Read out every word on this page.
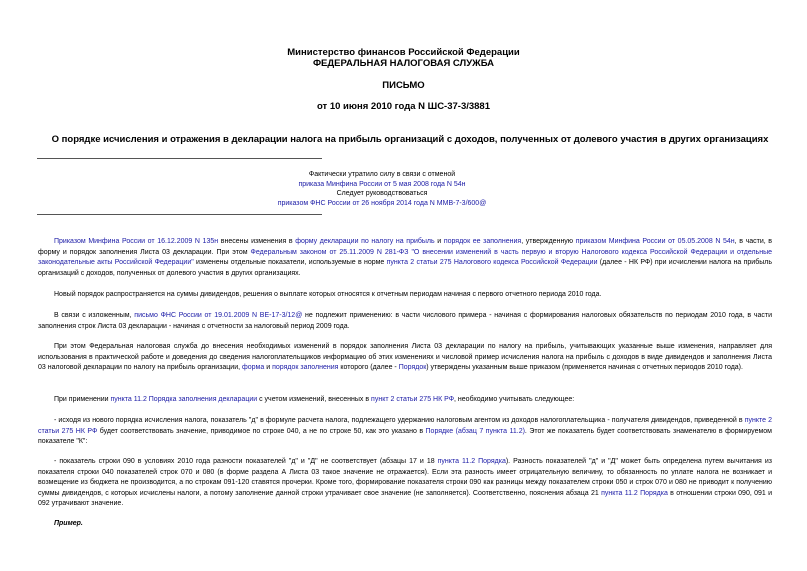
Министерство финансов Российской Федерации
ФЕДЕРАЛЬНАЯ НАЛОГОВАЯ СЛУЖБА
ПИСЬМО
от 10 июня 2010 года N ШС-37-3/3881
О порядке исчисления и отражения в декларации налога на прибыль организаций с доходов, полученных от долевого участия в других организациях
Фактически утратило силу в связи с отменой
приказа Минфина России от 5 мая 2008 года N 54н
Следует руководствоваться
приказом ФНС России от 26 ноября 2014 года N ММВ-7-3/600@
Приказом Минфина России от 16.12.2009 N 135н внесены изменения в форму декларации по налогу на прибыль и порядок ее заполнения, утвержденную приказом Минфина России от 05.05.2008 N 54н, в части, в форму и порядок заполнения Листа 03 декларации. При этом Федеральным законом от 25.11.2009 N 281-ФЗ "О внесении изменений в часть первую и вторую Налогового кодекса Российской Федерации и отдельные законодательные акты Российской Федерации" изменены отдельные показатели, используемые в норме пункта 2 статьи 275 Налогового кодекса Российской Федерации (далее - НК РФ) при исчислении налога на прибыль организаций с доходов, полученных от долевого участия в других организациях.
Новый порядок распространяется на суммы дивидендов, решения о выплате которых относятся к отчетным периодам начиная с первого отчетного периода 2010 года.
В связи с изложенным, письмо ФНС России от 19.01.2009 N ВЕ-17-3/12@ не подлежит применению: в части числового примера - начиная с формирования налоговых обязательств по периодам 2010 года, в части заполнения строк Листа 03 декларации - начиная с отчетности за налоговый период 2009 года.
При этом Федеральная налоговая служба до внесения необходимых изменений в порядок заполнения Листа 03 декларации по налогу на прибыль, учитывающих указанные выше изменения, направляет для использования в практической работе и доведения до сведения налогоплательщиков информацию об этих изменениях и числовой пример исчисления налога на прибыль с доходов в виде дивидендов и заполнения Листа 03 налоговой декларации по налогу на прибыль организации, форма и порядок заполнения которого (далее - Порядок) утверждены указанным выше приказом (применяется начиная с отчетных периодов 2010 года).
При применении пункта 11.2 Порядка заполнения декларации с учетом изменений, внесенных в пункт 2 статьи 275 НК РФ, необходимо учитывать следующее:
- исходя из нового порядка исчисления налога, показатель "д" в формуле расчета налога, подлежащего удержанию налоговым агентом из доходов налогоплательщика - получателя дивидендов, приведенной в пункте 2 статьи 275 НК РФ будет соответствовать значение, приводимое по строке 040, а не по строке 50, как это указано в Порядке (абзац 7 пункта 11.2). Этот же показатель будет соответствовать знаменателю в формируемом показателе "К":
- показатель строки 090 в условиях 2010 года разности показателей "д" и "Д" не соответствует (абзацы 17 и 18 пункта 11.2 Порядка). Разность показателей "д" и "Д" может быть определена путем вычитания из показателя строки 040 показателей строк 070 и 080 (в форме раздела А Листа 03 такое значение не отражается). Если эта разность имеет отрицательную величину, то обязанность по уплате налога не возникает и возмещение из бюджета не производится, а по строкам 091-120 ставятся прочерки. Кроме того, формирование показателя строки 090 как разницы между показателем строки 050 и строк 070 и 080 не приводит к получению суммы дивидендов, с которых исчислены налоги, а потому заполнение данной строки утрачивает свое значение (не заполняется). Соответственно, пояснения абзаца 21 пункта 11.2 Порядка в отношении строки 090, 091 и 092 утрачивают значение.
Пример.
